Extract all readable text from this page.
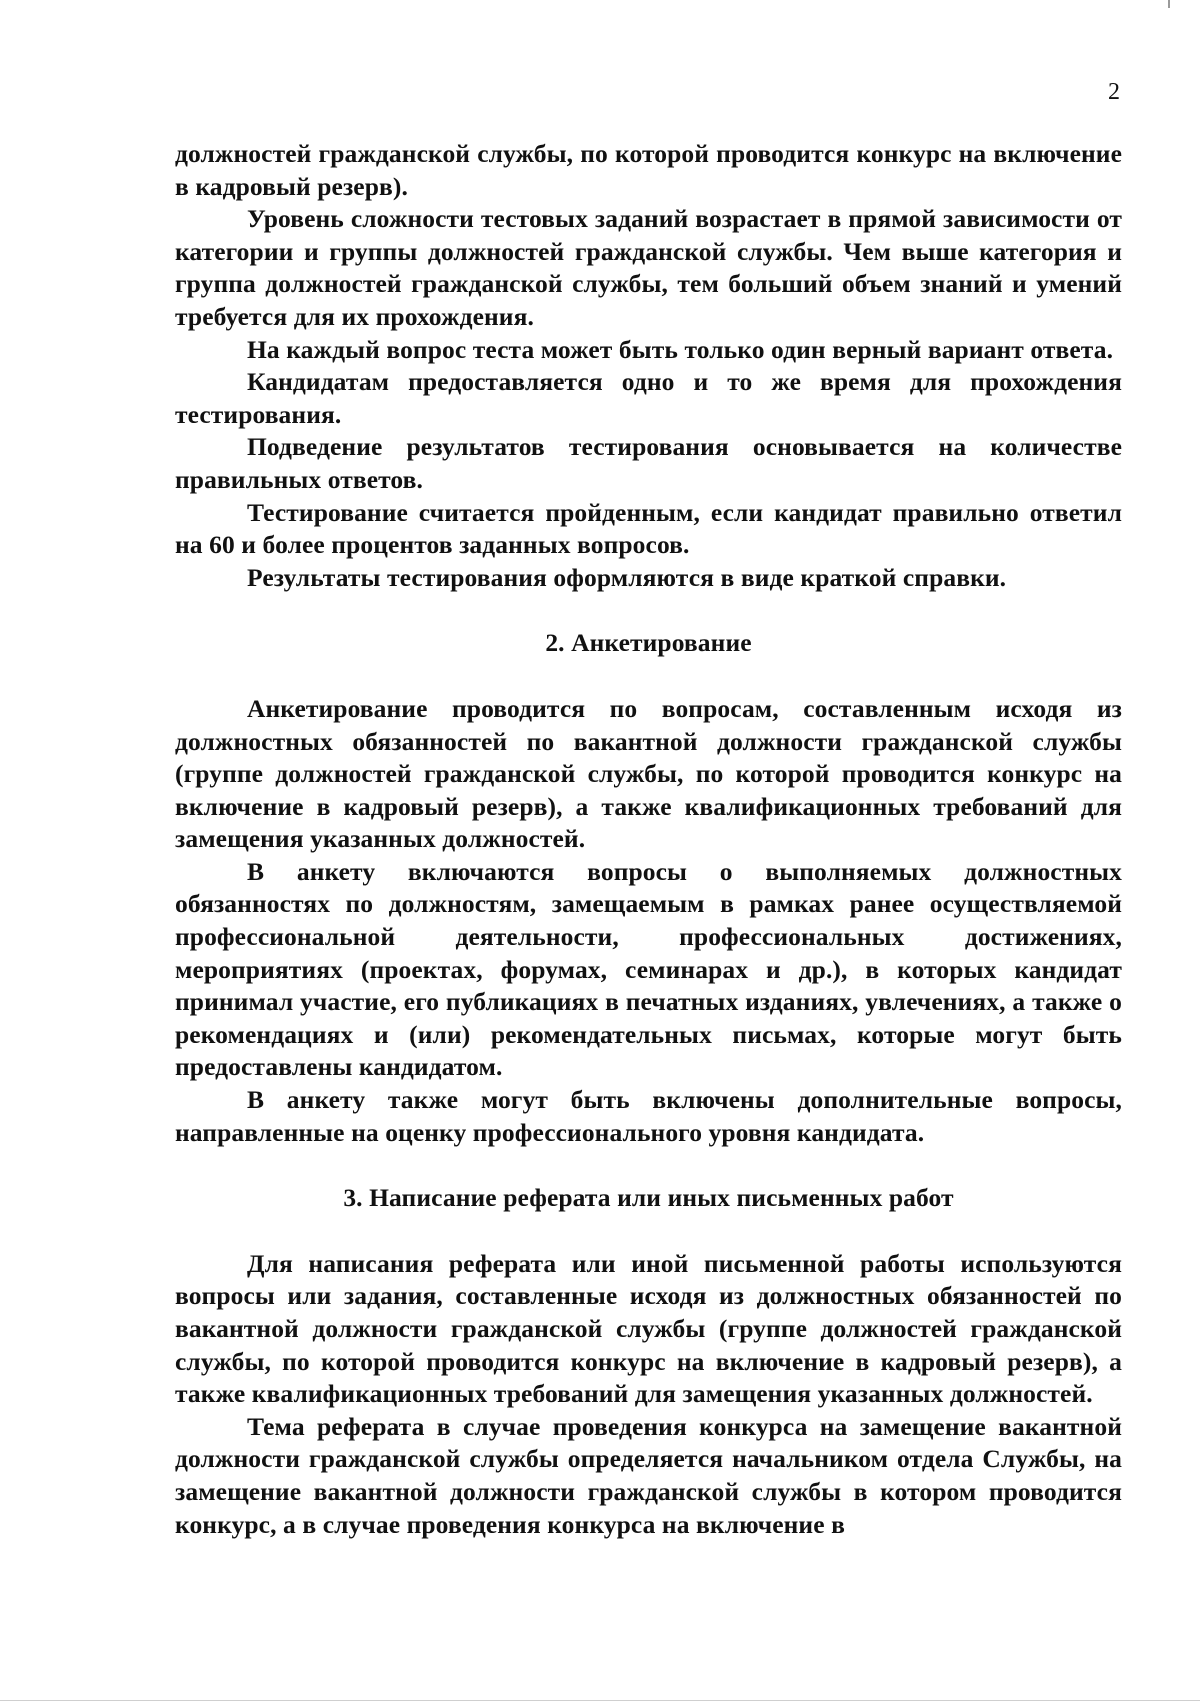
2

должностей гражданской службы, по которой проводится конкурс на включение в кадровый резерв).

Уровень сложности тестовых заданий возрастает в прямой зависимости от категории и группы должностей гражданской службы. Чем выше категория и группа должностей гражданской службы, тем больший объем знаний и умений требуется для их прохождения.

На каждый вопрос теста может быть только один верный вариант ответа.

Кандидатам предоставляется одно и то же время для прохождения тестирования.

Подведение результатов тестирования основывается на количестве правильных ответов.

Тестирование считается пройденным, если кандидат правильно ответил на 60 и более процентов заданных вопросов.

Результаты тестирования оформляются в виде краткой справки.

2. Анкетирование

Анкетирование проводится по вопросам, составленным исходя из должностных обязанностей по вакантной должности гражданской службы (группе должностей гражданской службы, по которой проводится конкурс на включение в кадровый резерв), а также квалификационных требований для замещения указанных должностей.

В анкету включаются вопросы о выполняемых должностных обязанностях по должностям, замещаемым в рамках ранее осуществляемой профессиональной деятельности, профессиональных достижениях, мероприятиях (проектах, форумах, семинарах и др.), в которых кандидат принимал участие, его публикациях в печатных изданиях, увлечениях, а также о рекомендациях и (или) рекомендательных письмах, которые могут быть предоставлены кандидатом.

В анкету также могут быть включены дополнительные вопросы, направленные на оценку профессионального уровня кандидата.

3. Написание реферата или иных письменных работ

Для написания реферата или иной письменной работы используются вопросы или задания, составленные исходя из должностных обязанностей по вакантной должности гражданской службы (группе должностей гражданской службы, по которой проводится конкурс на включение в кадровый резерв), а также квалификационных требований для замещения указанных должностей.

Тема реферата в случае проведения конкурса на замещение вакантной должности гражданской службы определяется начальником отдела Службы, на замещение вакантной должности гражданской службы в котором проводится конкурс, а в случае проведения конкурса на включение в
